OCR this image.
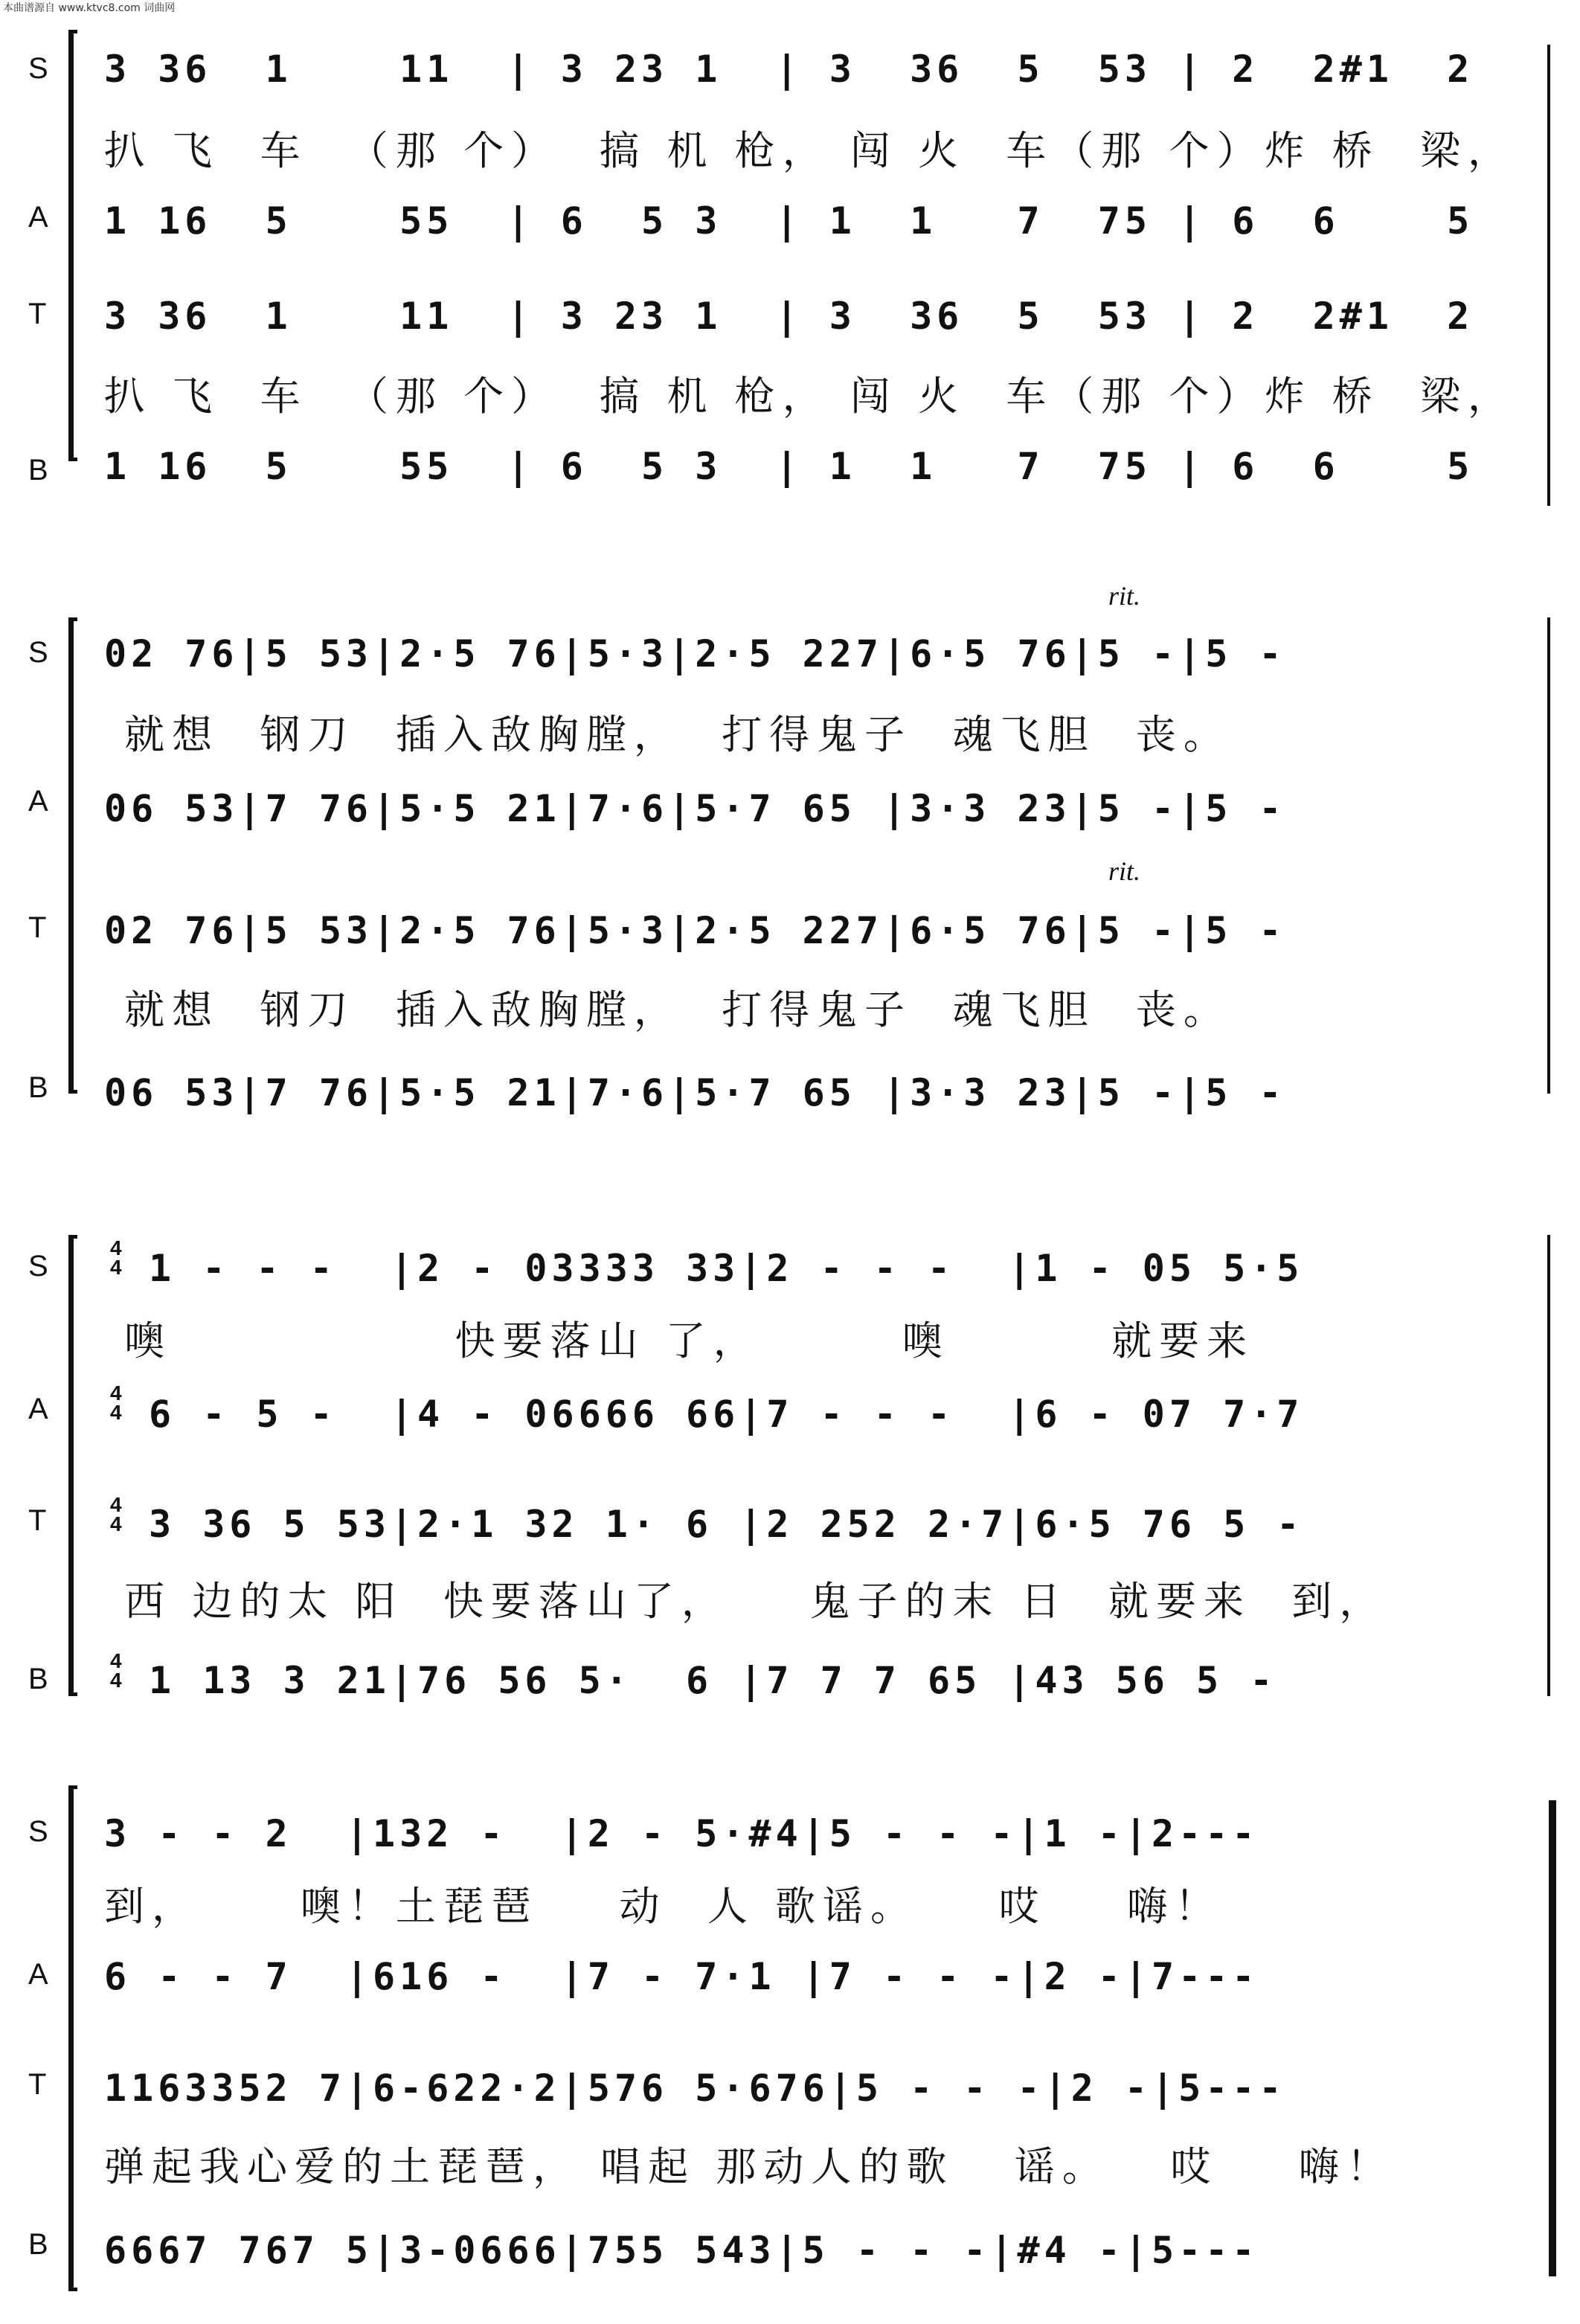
本曲谱源自 www.ktvc8.com 词曲网
S 3 36  1    11  | 3 23 1  | 3  36  5  53 | 2  2#1  2
扒 飞  车  （那 个）  搞 机 枪， 闯 火  车（那 个）炸 桥  梁，
A 1 16  5    55  | 6  5 3  | 1  1   7  75 | 6  6    5
T 3 36  1    11  | 3 23 1  | 3  36  5  53 | 2  2#1  2
扒 飞  车  （那 个）  搞 机 枪， 闯 火  车（那 个）炸 桥  梁，
B 1 16  5    55  | 6  5 3  | 1  1   7  75 | 6  6    5
rit.
S 02 76|5 53|2·5 76|5·3|2·5 227|6·5 76|5 -|5 -
就想  钢刀  插入敌胸膛，  打得鬼子  魂飞胆  丧。
A 06 53|7 76|5·5 21|7·6|5·7 65 |3·3 23|5 -|5 -
rit.
T 02 76|5 53|2·5 76|5·3|2·5 227|6·5 76|5 -|5 -
就想  钢刀  插入敌胸膛，  打得鬼子  魂飞胆  丧。
B 06 53|7 76|5·5 21|7·6|5·7 65 |3·3 23|5 -|5 -
S
4
4 1 - - -  |2 - 03333 33|2 - - -  |1 - 05 5·5
噢              快要落山 了，       噢        就要来
A	4
4 6 - 5 -  |4 - 06666 66|7 - - -  |6 - 07 7·7
T	4
4 3 36 5 53|2·1 32 1· 6 |2 252 2·7|6·5 76 5 -
西 边的太 阳  快要落山了，    鬼子的末 日  就要来  到，
B
4
4 1 13 3 21|76 56 5·  6 |7 7 7 65 |43 56 5 -
S 3 - - 2  |132 -  |2 - 5·#4|5 - - -|1 -|2---
到，     噢！土琵琶    动  人 歌谣。    哎    嗨！
A 6 - - 7  |616 -  |7 - 7·1 |7 - - -|2 -|7---
T 1163352 7|6-622·2|576 5·676|5 - - -|2 -|5---
弹起我心爱的土琵琶， 唱起 那动人的歌   谣。   哎    嗨！
B 6667 767 5|3-0666|755 543|5 - - -|#4 -|5---
